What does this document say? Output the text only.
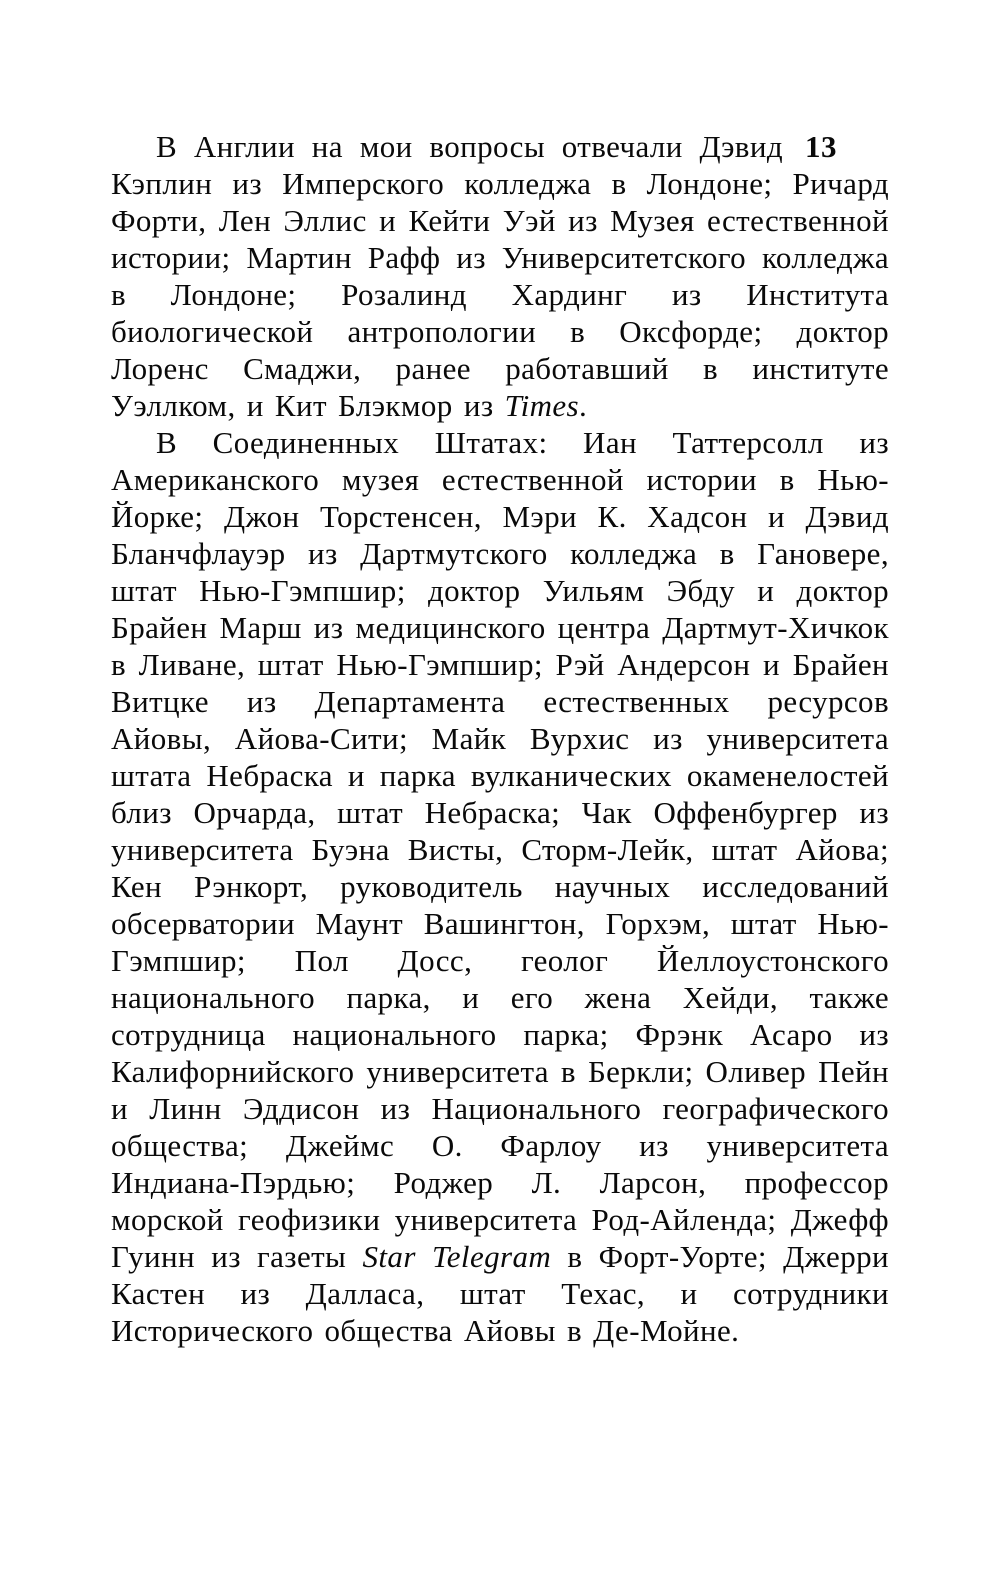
13
В Англии на мои вопросы отвечали Дэвид Кэплин из Имперского колледжа в Лондоне; Ричард Форти, Лен Эллис и Кейти Уэй из Музея естественной истории; Мартин Рафф из Университетского колледжа в Лондоне; Розалинд Хардинг из Института биологической антропологии в Оксфорде; доктор Лоренс Смаджи, ранее работавший в институте Уэллком, и Кит Блэкмор из Times.

В Соединенных Штатах: Иан Таттерсолл из Американского музея естественной истории в Нью-Йорке; Джон Торстенсен, Мэри К. Хадсон и Дэвид Бланчфлауэр из Дартмутского колледжа в Гановере, штат Нью-Гэмпшир; доктор Уильям Эбду и доктор Брайен Марш из медицинского центра Дартмут-Хичкок в Ливане, штат Нью-Гэмпшир; Рэй Андерсон и Брайен Витцке из Департамента естественных ресурсов Айовы, Айова-Сити; Майк Вурхис из университета штата Небраска и парка вулканических окаменелостей близ Орчарда, штат Небраска; Чак Оффенбургер из университета Буэна Висты, Сторм-Лейк, штат Айова; Кен Рэнкорт, руководитель научных исследований обсерватории Маунт Вашингтон, Горхэм, штат Нью-Гэмпшир; Пол Досс, геолог Йеллоустонского национального парка, и его жена Хейди, также сотрудница национального парка; Фрэнк Асаро из Калифорнийского университета в Беркли; Оливер Пейн и Линн Эддисон из Национального географического общества; Джеймс О. Фарлоу из университета Индиана-Пэрдью; Роджер Л. Ларсон, профессор морской геофизики университета Род-Айленда; Джефф Гуинн из газеты Star Telegram в Форт-Уорте; Джерри Кастен из Далласа, штат Техас, и сотрудники Исторического общества Айовы в Де-Мойне.
